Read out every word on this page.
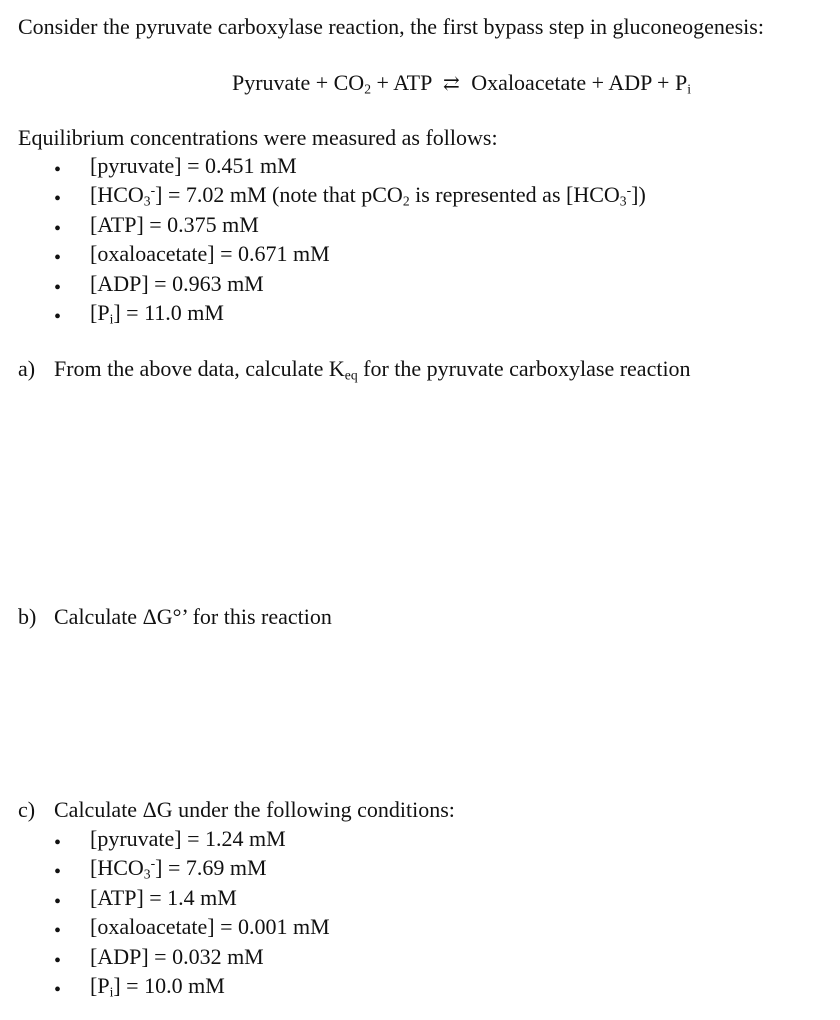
Consider the pyruvate carboxylase reaction, the first bypass step in gluconeogenesis:
Pyruvate + $CO_2$ + ATP ⇄ Oxaloacetate + ADP + $P_i$
Equilibrium concentrations were measured as follows:
• [pyruvate] = 0.451 mM
• $[HCO_3^-] = 7.02$ mM (note that pCO$_2$ is represented as $[HCO_3^-]$)
• [ATP] = 0.375 mM
• [oxaloacetate] = 0.671 mM
• [ADP] = 0.963 mM
• $[P_i] = 11.0$ mM
a) From the above data, calculate $K_{eq}$ for the pyruvate carboxylase reaction
b) Calculate ΔG°’ for this reaction
c) Calculate ΔG under the following conditions:
• [pyruvate] = 1.24 mM
• $[HCO_3^-] = 7.69$ mM
• [ATP] = 1.4 mM
• [oxaloacetate] = 0.001 mM
• [ADP] = 0.032 mM
• $[P_i] = 10.0$ mM
